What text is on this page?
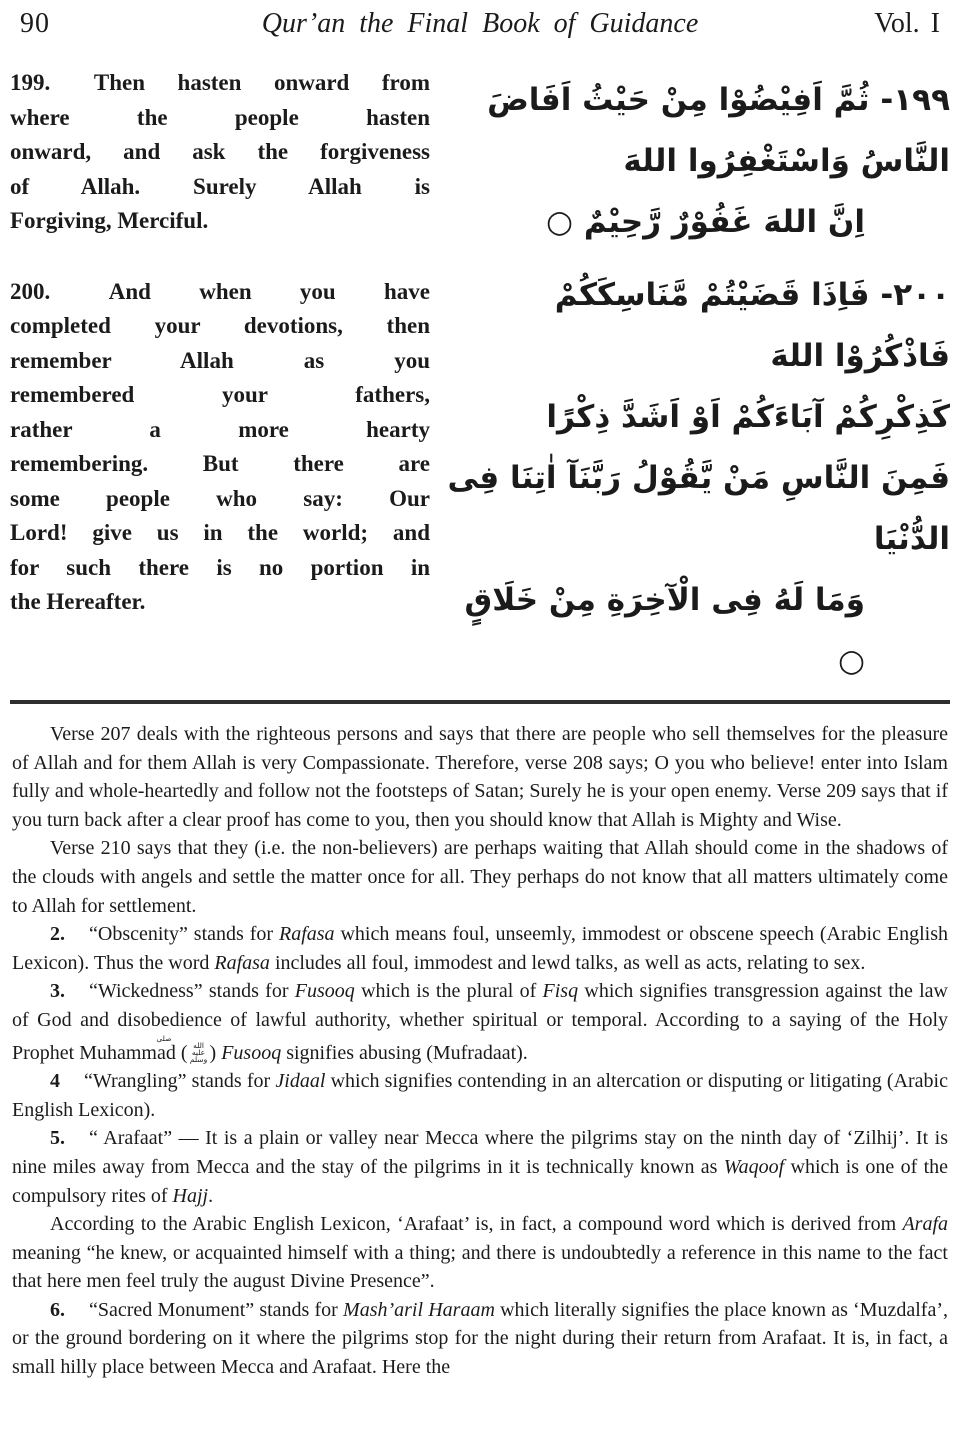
90	Qur’an the Final Book of Guidance	Vol. I
199.  Then hasten onward from
where the people hasten
onward, and ask the forgiveness
of Allah. Surely Allah is
Forgiving, Merciful.
200.  And when you have
completed your devotions, then
remember Allah as you
remembered your fathers,
rather a more hearty
remembering. But there are
some people who say: Our
Lord! give us in the world; and
for such there is no portion in
the Hereafter.
١٩٩- ثُمَّ اَفِيْضُوْا مِنْ حَيْثُ اَفَاضَ
النَّاسُ وَاسْتَغْفِرُوا اللهَ
اِنَّ اللهَ غَفُوْرٌ رَّحِيْمٌ ○
٢٠٠- فَاِذَا قَضَيْتُمْ مَّنَاسِكَكُمْ
فَاذْكُرُوْا اللهَ
كَذِكْرِكُمْ آبَاءَكُمْ اَوْ اَشَدَّ ذِكْرًا
فَمِنَ النَّاسِ مَنْ يَّقُوْلُ رَبَّنَآ اٰتِنَا فِى
الدُّنْيَا
وَمَا لَهُ فِى الْآخِرَةِ مِنْ خَلَاقٍ ○

Verse 207 deals with the righteous persons and says that there are people who sell themselves for the pleasure of Allah and for them Allah is very Compassionate. Therefore, verse 208 says; O you who believe! enter into Islam fully and whole-heartedly and follow not the footsteps of Satan; Surely he is your open enemy. Verse 209 says that if you turn back after a clear proof has come to you, then you should know that Allah is Mighty and Wise.

Verse 210 says that they (i.e. the non-believers) are perhaps waiting that Allah should come in the shadows of the clouds with angels and settle the matter once for all. They perhaps do not know that all matters ultimately come to Allah for settlement.

2. “Obscenity” stands for Rafasa which means foul, unseemly, immodest or obscene speech (Arabic English Lexicon). Thus the word Rafasa includes all foul, immodest and lewd talks, as well as acts, relating to sex.

3. “Wickedness” stands for Fusooq which is the plural of Fisq which signifies transgression against the law of God and disobedience of lawful authority, whether spiritual or temporal. According to a saying of the Holy Prophet Muhammad (صلى الله عليه وسلم ) Fusooq signifies abusing (Mufradaat).

4 “Wrangling” stands for Jidaal which signifies contending in an altercation or disputing or litigating (Arabic English Lexicon).

5. “ Arafaat” — It is a plain or valley near Mecca where the pilgrims stay on the ninth day of ‘Zilhij’. It is nine miles away from Mecca and the stay of the pilgrims in it is technically known as Waqoof which is one of the compulsory rites of Hajj.

According to the Arabic English Lexicon, ‘Arafaat’ is, in fact, a compound word which is derived from Arafa meaning “he knew, or acquainted himself with a thing; and there is undoubtedly a reference in this name to the fact that here men feel truly the august Divine Presence”.

6. “Sacred Monument” stands for Mash’aril Haraam which literally signifies the place known as ‘Muzdalfa’, or the ground bordering on it where the pilgrims stop for the night during their return from Arafaat. It is, in fact, a small hilly place between Mecca and Arafaat. Here the
